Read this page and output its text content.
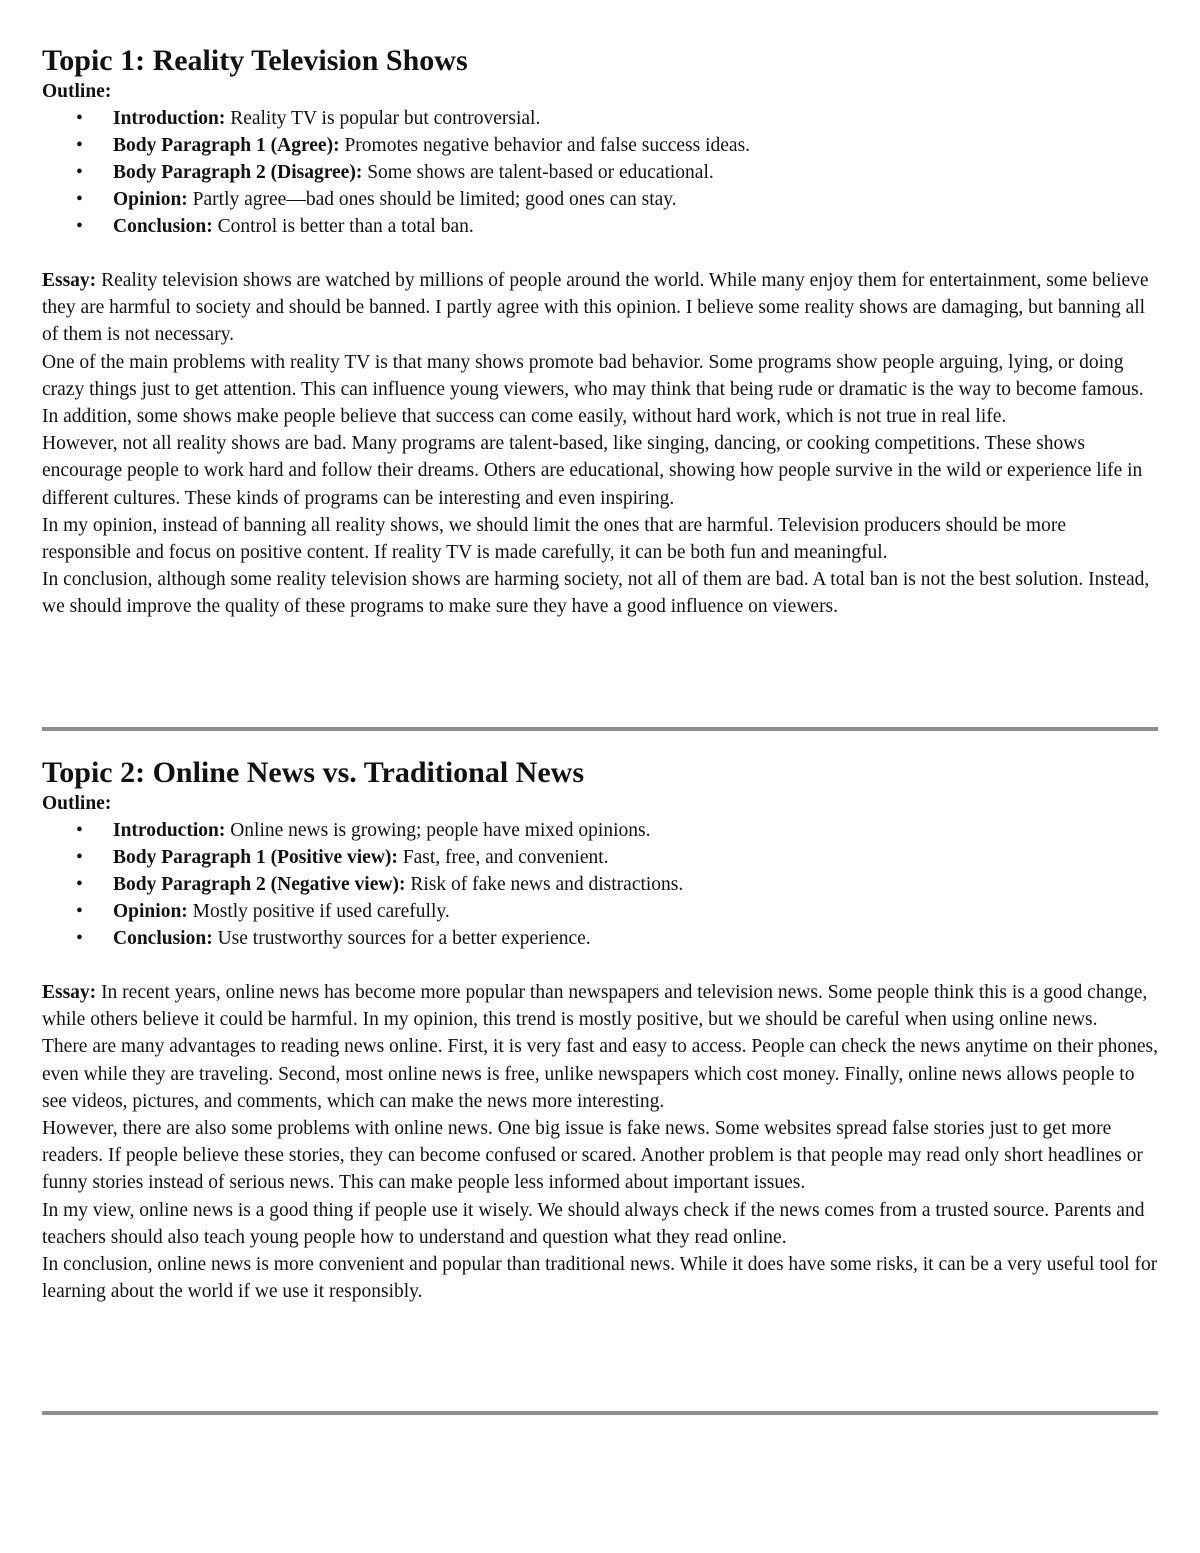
Topic 1: Reality Television Shows
Outline:
• Introduction: Reality TV is popular but controversial.
• Body Paragraph 1 (Agree): Promotes negative behavior and false success ideas.
• Body Paragraph 2 (Disagree): Some shows are talent-based or educational.
• Opinion: Partly agree—bad ones should be limited; good ones can stay.
• Conclusion: Control is better than a total ban.

Essay: Reality television shows are watched by millions of people around the world. While many enjoy them for entertainment, some believe they are harmful to society and should be banned. I partly agree with this opinion. I believe some reality shows are damaging, but banning all of them is not necessary.

One of the main problems with reality TV is that many shows promote bad behavior. Some programs show people arguing, lying, or doing crazy things just to get attention. This can influence young viewers, who may think that being rude or dramatic is the way to become famous. In addition, some shows make people believe that success can come easily, without hard work, which is not true in real life.

However, not all reality shows are bad. Many programs are talent-based, like singing, dancing, or cooking competitions. These shows encourage people to work hard and follow their dreams. Others are educational, showing how people survive in the wild or experience life in different cultures. These kinds of programs can be interesting and even inspiring.

In my opinion, instead of banning all reality shows, we should limit the ones that are harmful. Television producers should be more responsible and focus on positive content. If reality TV is made carefully, it can be both fun and meaningful.

In conclusion, although some reality television shows are harming society, not all of them are bad. A total ban is not the best solution. Instead, we should improve the quality of these programs to make sure they have a good influence on viewers.

Topic 2: Online News vs. Traditional News
Outline:
• Introduction: Online news is growing; people have mixed opinions.
• Body Paragraph 1 (Positive view): Fast, free, and convenient.
• Body Paragraph 2 (Negative view): Risk of fake news and distractions.
• Opinion: Mostly positive if used carefully.
• Conclusion: Use trustworthy sources for a better experience.

Essay: In recent years, online news has become more popular than newspapers and television news. Some people think this is a good change, while others believe it could be harmful. In my opinion, this trend is mostly positive, but we should be careful when using online news.

There are many advantages to reading news online. First, it is very fast and easy to access. People can check the news anytime on their phones, even while they are traveling. Second, most online news is free, unlike newspapers which cost money. Finally, online news allows people to see videos, pictures, and comments, which can make the news more interesting.

However, there are also some problems with online news. One big issue is fake news. Some websites spread false stories just to get more readers. If people believe these stories, they can become confused or scared. Another problem is that people may read only short headlines or funny stories instead of serious news. This can make people less informed about important issues.

In my view, online news is a good thing if people use it wisely. We should always check if the news comes from a trusted source. Parents and teachers should also teach young people how to understand and question what they read online.

In conclusion, online news is more convenient and popular than traditional news. While it does have some risks, it can be a very useful tool for learning about the world if we use it responsibly.
